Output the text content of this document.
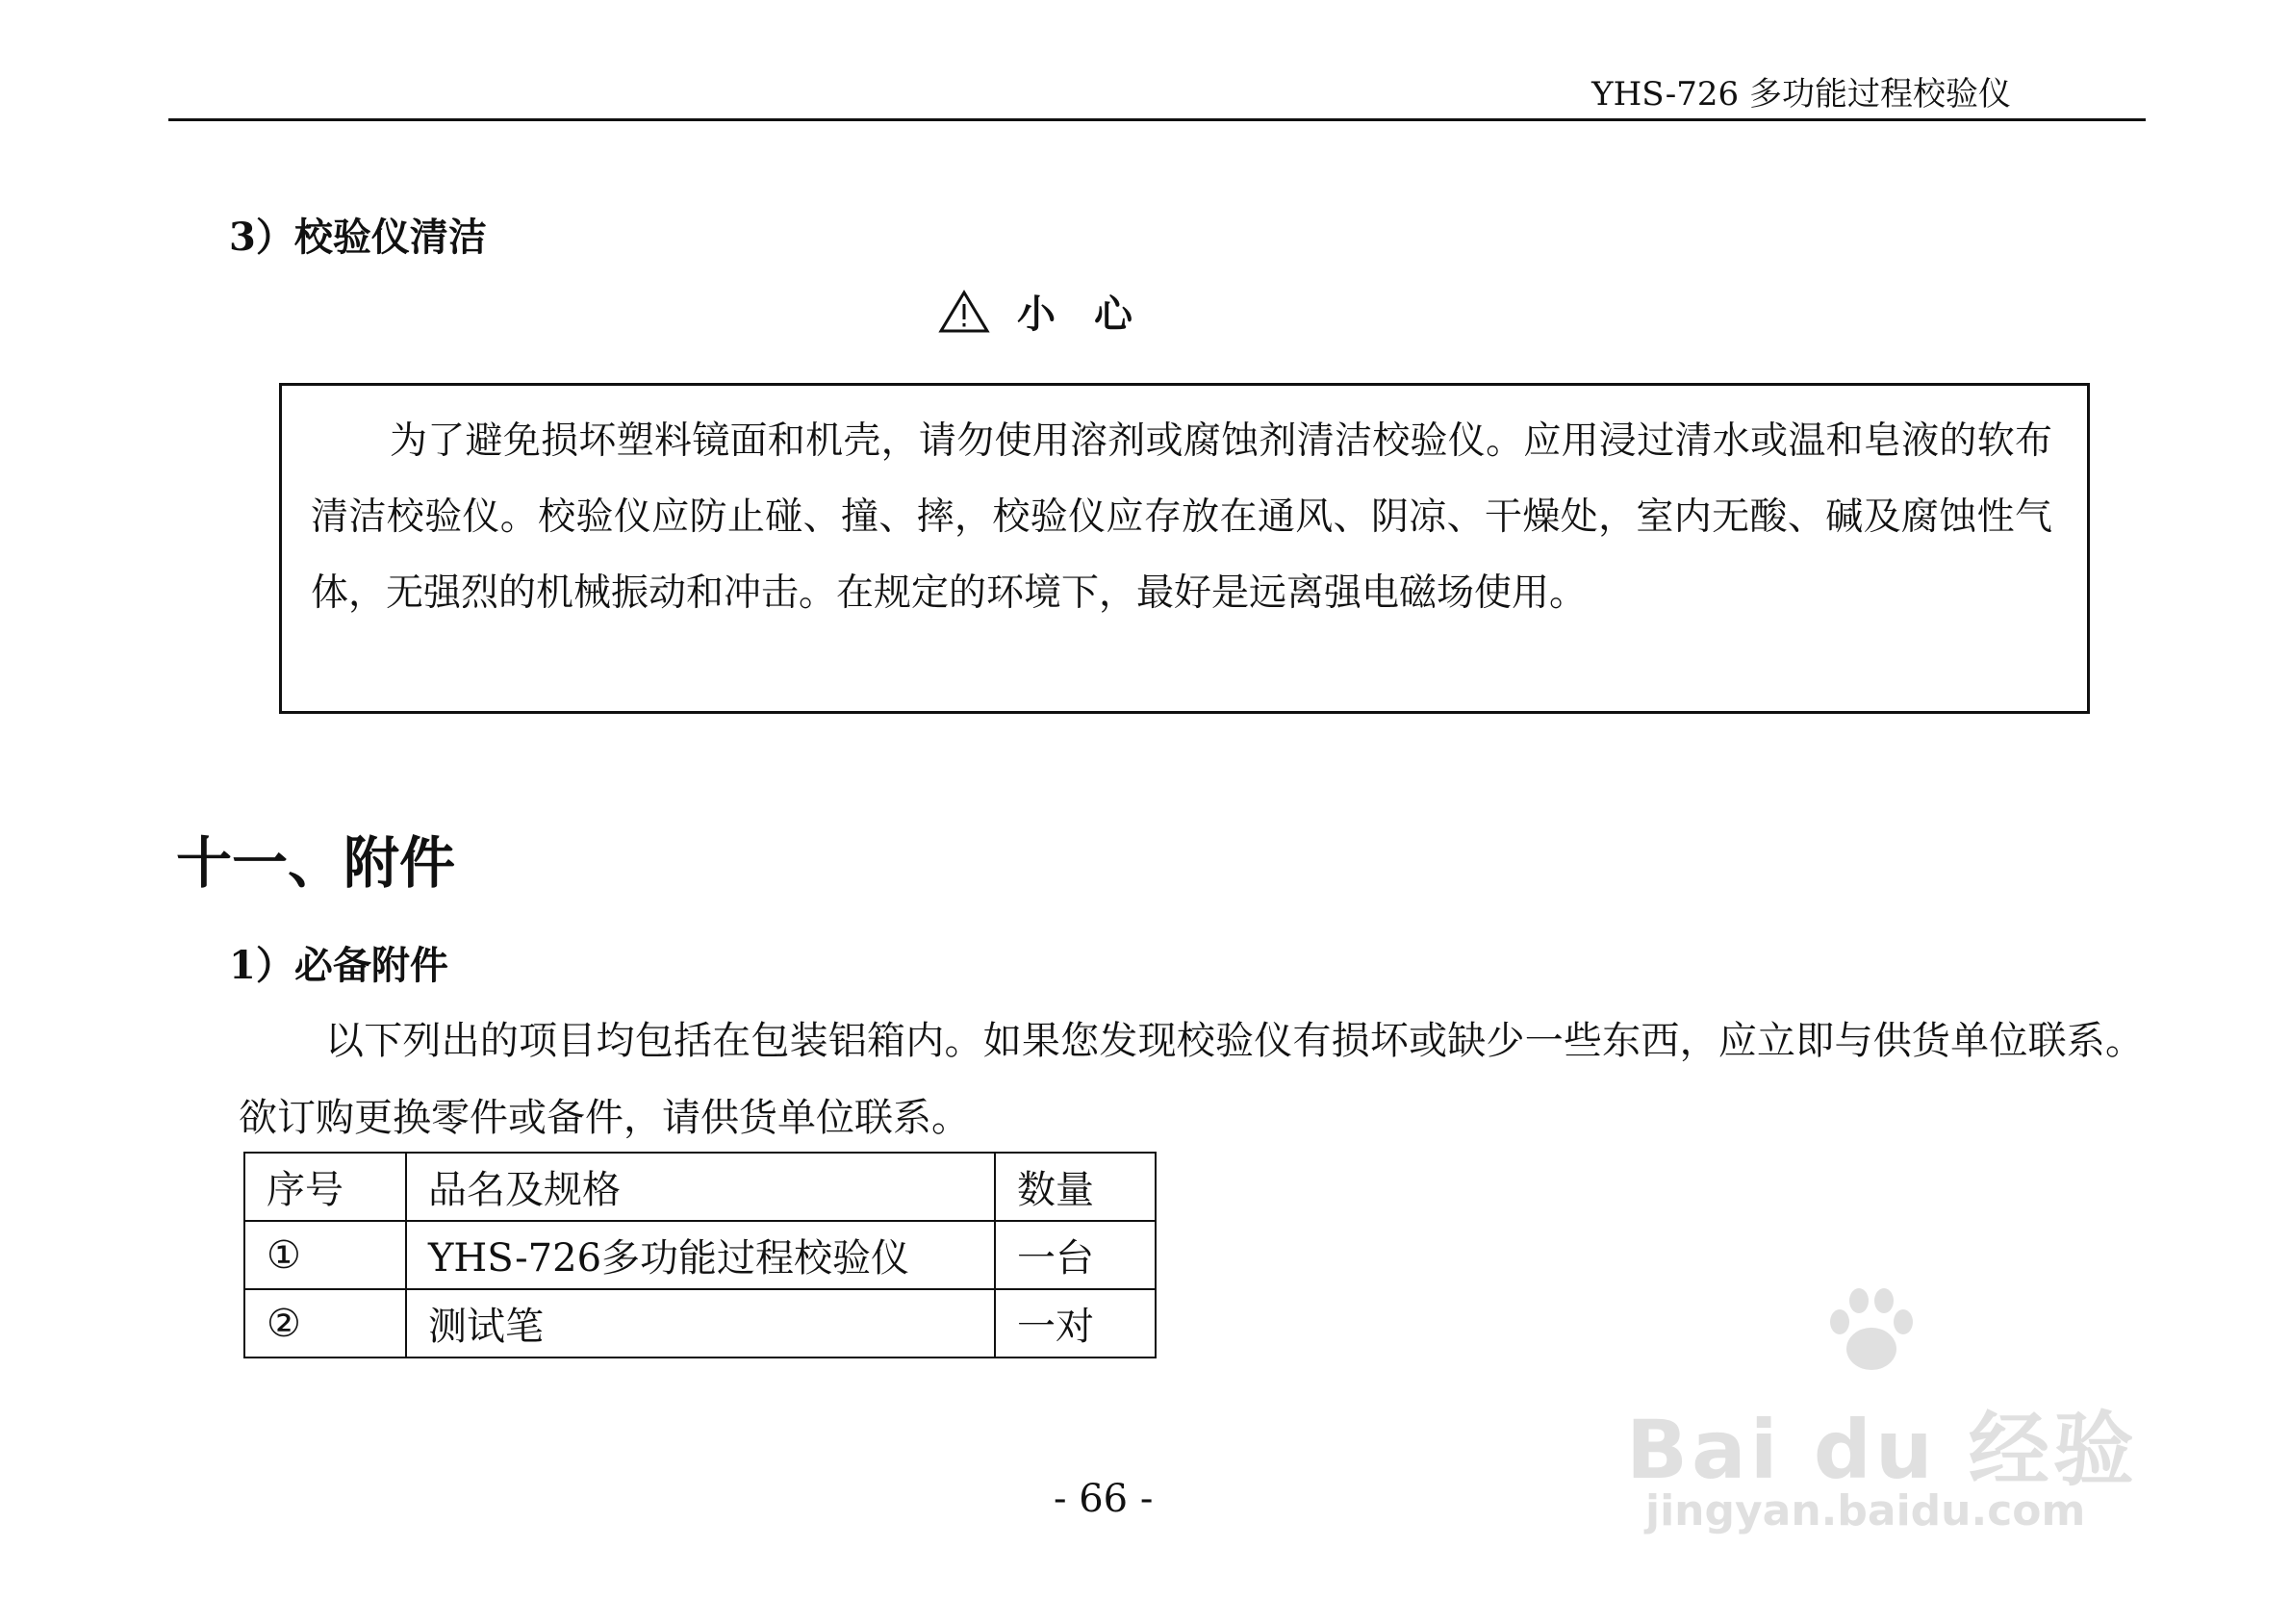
YHS-726 多功能过程校验仪
3）校验仪清洁
小心
为了避免损坏塑料镜面和机壳，请勿使用溶剂或腐蚀剂清洁校验仪。应用浸过清水或温和皂液的软布清洁校验仪。校验仪应防止碰、撞、摔，校验仪应存放在通风、阴凉、干燥处，室内无酸、碱及腐蚀性气体，无强烈的机械振动和冲击。在规定的环境下，最好是远离强电磁场使用。
十一、附件
1）必备附件
以下列出的项目均包括在包装铝箱内。如果您发现校验仪有损坏或缺少一些东西，应立即与供货单位联系。欲订购更换零件或备件，请供货单位联系。
序号	品名及规格	数量
①	YHS-726多功能过程校验仪	一台
②	测试笔	一对
- 66 -
Bai du 经验
jingyan.baidu.com
